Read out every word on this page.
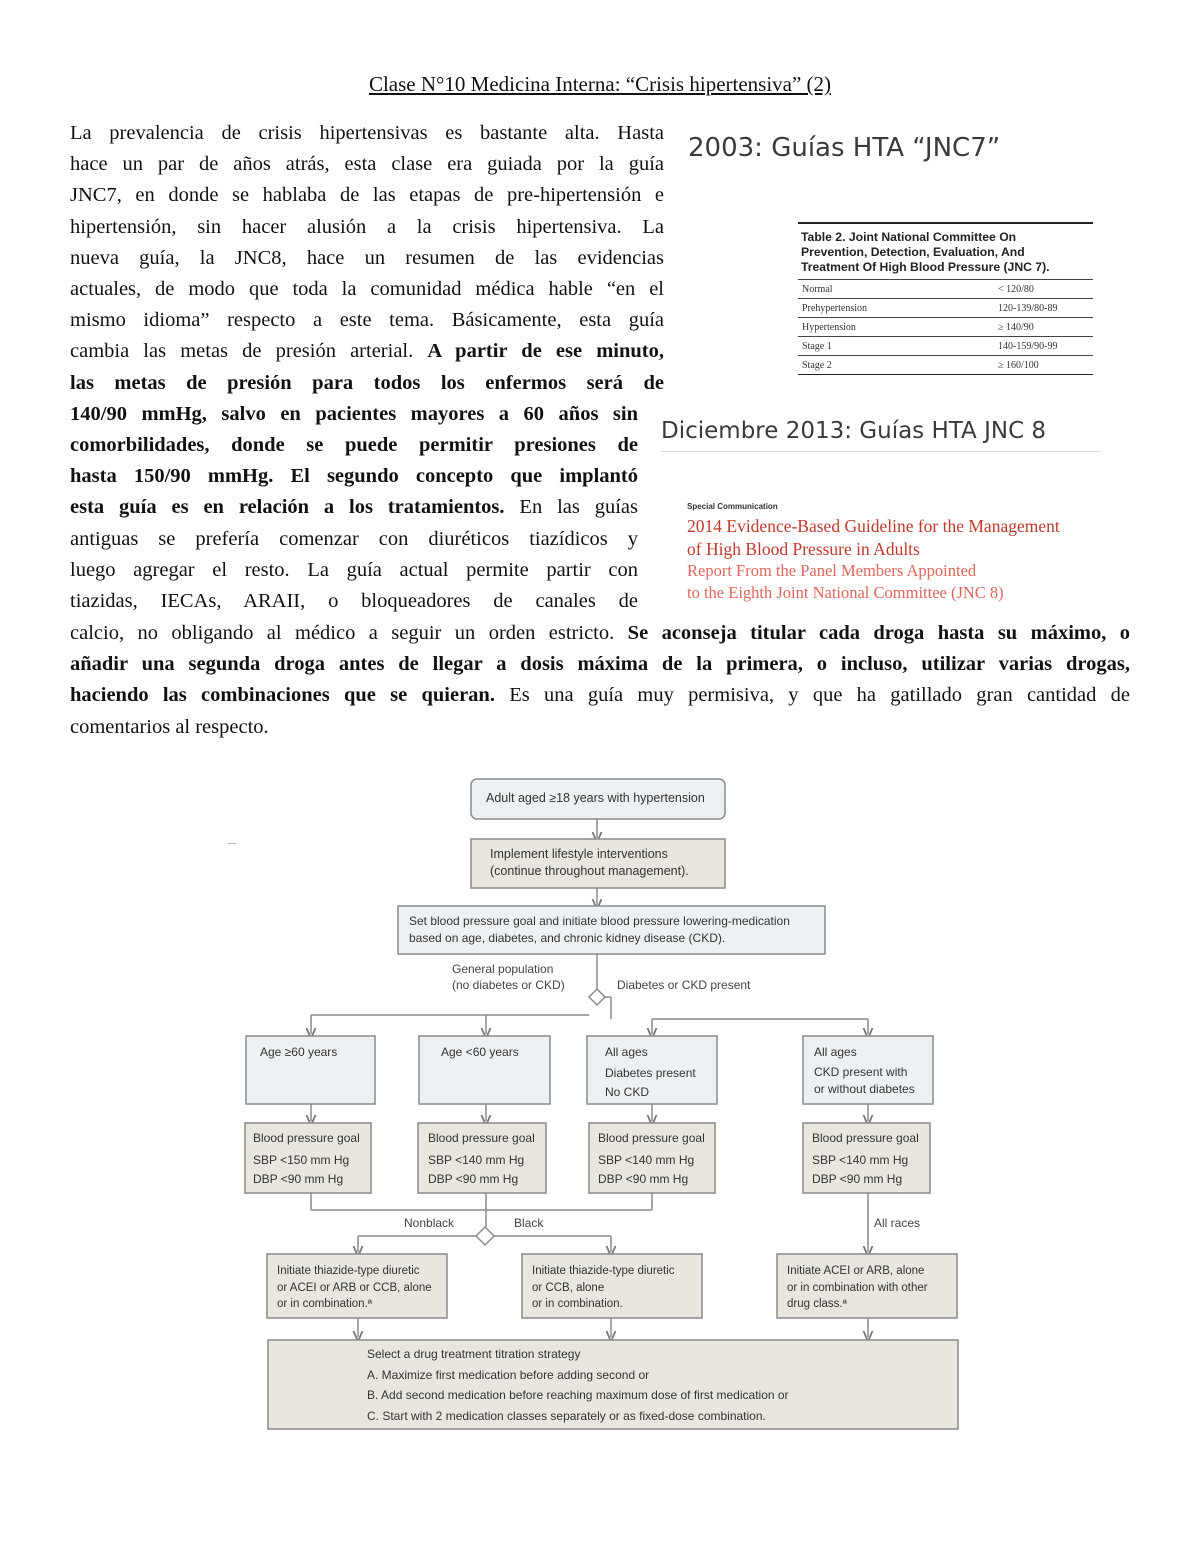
Clase N°10 Medicina Interna: “Crisis hipertensiva” (2)
La prevalencia de crisis hipertensivas es bastante alta. Hasta
hace un par de años atrás, esta clase era guiada por la guía
JNC7, en donde se hablaba de las etapas de pre-hipertensión e
hipertensión, sin hacer alusión a la crisis hipertensiva. La
nueva guía, la JNC8, hace un resumen de las evidencias
actuales, de modo que toda la comunidad médica hable “en el
mismo idioma” respecto a este tema. Básicamente, esta guía
cambia las metas de presión arterial. A partir de ese minuto,
las metas de presión para todos los enfermos será de
140/90 mmHg, salvo en pacientes mayores a 60 años sin
comorbilidades, donde se puede permitir presiones de
hasta 150/90 mmHg. El segundo concepto que implantó
esta guía es en relación a los tratamientos. En las guías
antiguas se prefería comenzar con diuréticos tiazídicos y
luego agregar el resto. La guía actual permite partir con
tiazidas, IECAs, ARAII, o bloqueadores de canales de
calcio, no obligando al médico a seguir un orden estricto. Se aconseja titular cada droga hasta su máximo, o
añadir una segunda droga antes de llegar a dosis máxima de la primera, o incluso, utilizar varias drogas,
haciendo las combinaciones que se quieran. Es una guía muy permisiva, y que ha gatillado gran cantidad de
comentarios al respecto.
2003: Guías HTA “JNC7”
Table 2. Joint National Committee On
Prevention, Detection, Evaluation, And
Treatment Of High Blood Pressure (JNC 7).
Normal	< 120/80
Prehypertension	120-139/80-89
Hypertension	≥ 140/90
Stage 1	140-159/90-99
Stage 2	≥ 160/100
Diciembre 2013: Guías HTA JNC 8
Special Communication
2014 Evidence-Based Guideline for the Management
of High Blood Pressure in Adults
Report From the Panel Members Appointed
to the Eighth Joint National Committee (JNC 8)
Adult aged ≥18 years with hypertension
Implement lifestyle interventions
(continue throughout management).
Set blood pressure goal and initiate blood pressure lowering-medication
based on age, diabetes, and chronic kidney disease (CKD).
General population
(no diabetes or CKD)	Diabetes or CKD present
Age ≥60 years	Age <60 years	All ages
Diabetes present
No CKD
All ages
CKD present with
or without diabetes
Blood pressure goal
SBP <150 mm Hg
DBP <90 mm Hg
Blood pressure goal
SBP <140 mm Hg
DBP <90 mm Hg
Blood pressure goal
SBP <140 mm Hg
DBP <90 mm Hg
Blood pressure goal
SBP <140 mm Hg
DBP <90 mm Hg
Nonblack	Black	All races
Initiate thiazide-type diuretic
or ACEI or ARB or CCB, alone
or in combination.ª
Initiate thiazide-type diuretic
or CCB, alone
or in combination.
Initiate ACEI or ARB, alone
or in combination with other
drug class.ª
Select a drug treatment titration strategy
A. Maximize first medication before adding second or
B. Add second medication before reaching maximum dose of first medication or
C. Start with 2 medication classes separately or as fixed-dose combination.
